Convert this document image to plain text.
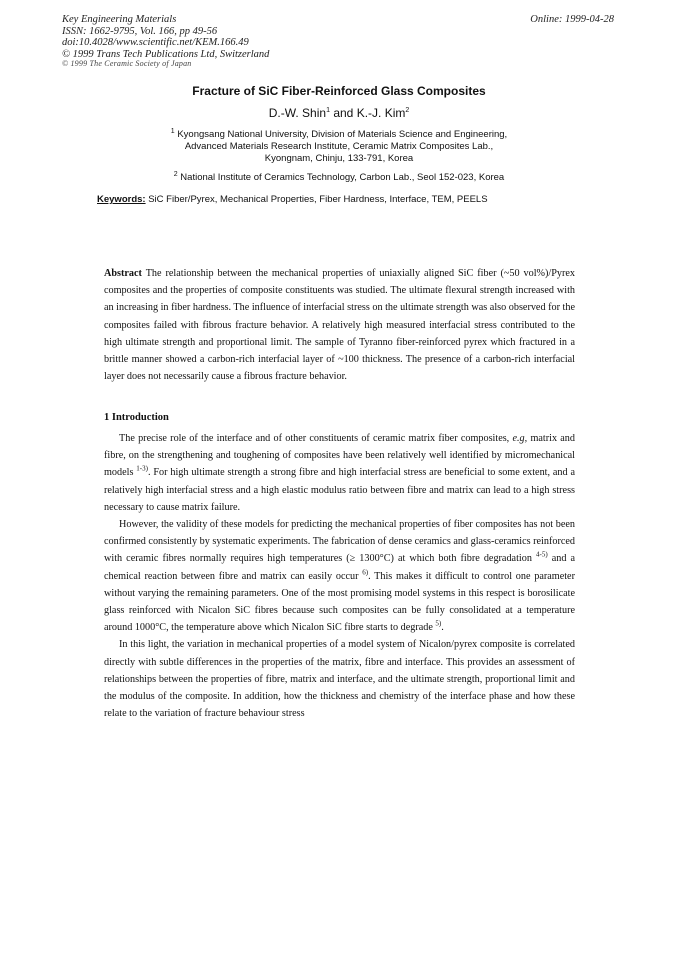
Key Engineering Materials
ISSN: 1662-9795, Vol. 166, pp 49-56
doi:10.4028/www.scientific.net/KEM.166.49
© 1999 Trans Tech Publications Ltd, Switzerland
© 1999 The Ceramic Society of Japan
Online: 1999-04-28
Fracture of SiC Fiber-Reinforced Glass Composites
D.-W. Shin$^1$ and K.-J. Kim$^2$
$^1$ Kyongsang National University, Division of Materials Science and Engineering,
Advanced Materials Research Institute, Ceramic Matrix Composites Lab.,
Kyongnam, Chinju, 133-791, Korea
$^2$ National Institute of Ceramics Technology, Carbon Lab., Seol 152-023, Korea
Keywords: SiC Fiber/Pyrex, Mechanical Properties, Fiber Hardness, Interface, TEM, PEELS
Abstract The relationship between the mechanical properties of uniaxially aligned SiC fiber (~50 vol%)/Pyrex composites and the properties of composite constituents was studied. The ultimate flexural strength increased with an increasing in fiber hardness. The influence of interfacial stress on the ultimate strength was also observed for the composites failed with fibrous fracture behavior. A relatively high measured interfacial stress contributed to the high ultimate strength and proportional limit. The sample of Tyranno fiber-reinforced pyrex which fractured in a brittle manner showed a carbon-rich interfacial layer of ~100 thickness. The presence of a carbon-rich interfacial layer does not necessarily cause a fibrous fracture behavior.
1 Introduction

The precise role of the interface and of other constituents of ceramic matrix fiber composites, e.g, matrix and fibre, on the strengthening and toughening of composites have been relatively well identified by micromechanical models $^{1-3)}$. For high ultimate strength a strong fibre and high interfacial stress are beneficial to some extent, and a relatively high interfacial stress and a high elastic modulus ratio between fibre and matrix can lead to a high stress necessary to cause matrix failure.

However, the validity of these models for predicting the mechanical properties of fiber composites has not been confirmed consistently by systematic experiments. The fabrication of dense ceramics and glass-ceramics reinforced with ceramic fibres normally requires high temperatures (≥ 1300°C) at which both fibre degradation $^{4-5)}$ and a chemical reaction between fibre and matrix can easily occur $^{6)}$. This makes it difficult to control one parameter without varying the remaining parameters. One of the most promising model systems in this respect is borosilicate glass reinforced with Nicalon SiC fibres because such composites can be fully consolidated at a temperature around 1000°C, the temperature above which Nicalon SiC fibre starts to degrade $^{5)}$.

In this light, the variation in mechanical properties of a model system of Nicalon/pyrex composite is correlated directly with subtle differences in the properties of the matrix, fibre and interface. This provides an assessment of relationships between the properties of fibre, matrix and interface, and the ultimate strength, proportional limit and the modulus of the composite. In addition, how the thickness and chemistry of the interface phase and how these relate to the variation of fracture behaviour stress
